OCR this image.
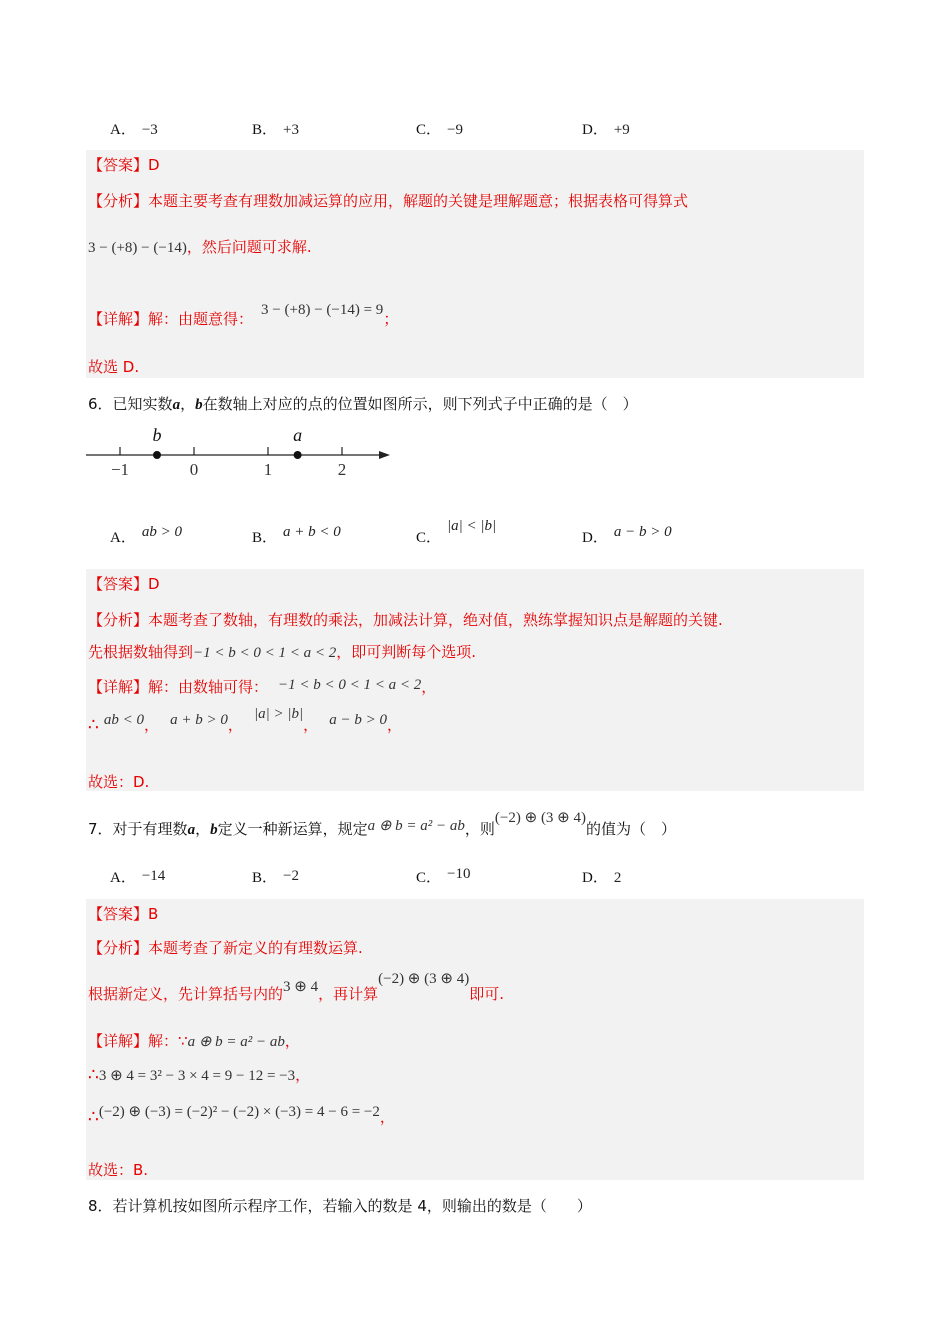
A． −3	B． +3	C． −9	D． +9
【答案】D
【分析】本题主要考查有理数加减运算的应用，解题的关键是理解题意；根据表格可得算式
3 − (+8) − (−14)，然后问题可求解.
【详解】解：由题意得： 3 − (+8) − (−14) = 9；
故选 D.
6．已知实数a，b在数轴上对应的点的位置如图所示，则下列式子中正确的是（　）
−1	0	1	2
b	a
A． ab > 0	B． a + b < 0	C．|a| < |b|
D． a − b > 0
【答案】D
【分析】本题考查了数轴，有理数的乘法，加减法计算，绝对值，熟练掌握知识点是解题的关键.
先根据数轴得到−1 < b < 0 < 1 < a < 2，即可判断每个选项.
【详解】解：由数轴可得： −1 < b < 0 < 1 < a < 2，
∴ ab < 0， a + b > 0， |a| > |b|， a − b > 0，
故选：D.
7．对于有理数a，b定义一种新运算，规定a ⊕ b = a² − ab，则(−2) ⊕ (3 ⊕ 4)的值为（　）
A． −14	B． −2	C． −10	D． 2
【答案】B
【分析】本题考查了新定义的有理数运算.
根据新定义，先计算括号内的3 ⊕ 4，再计算(−2) ⊕ (3 ⊕ 4)即可.
【详解】解：∵a ⊕ b = a² − ab，
∴3 ⊕ 4 = 3² − 3 × 4 = 9 − 12 = −3，
∴(−2) ⊕ (−3) = (−2)² − (−2) × (−3) = 4 − 6 = −2，
故选：B.
8．若计算机按如图所示程序工作，若输入的数是 4，则输出的数是（　　）
